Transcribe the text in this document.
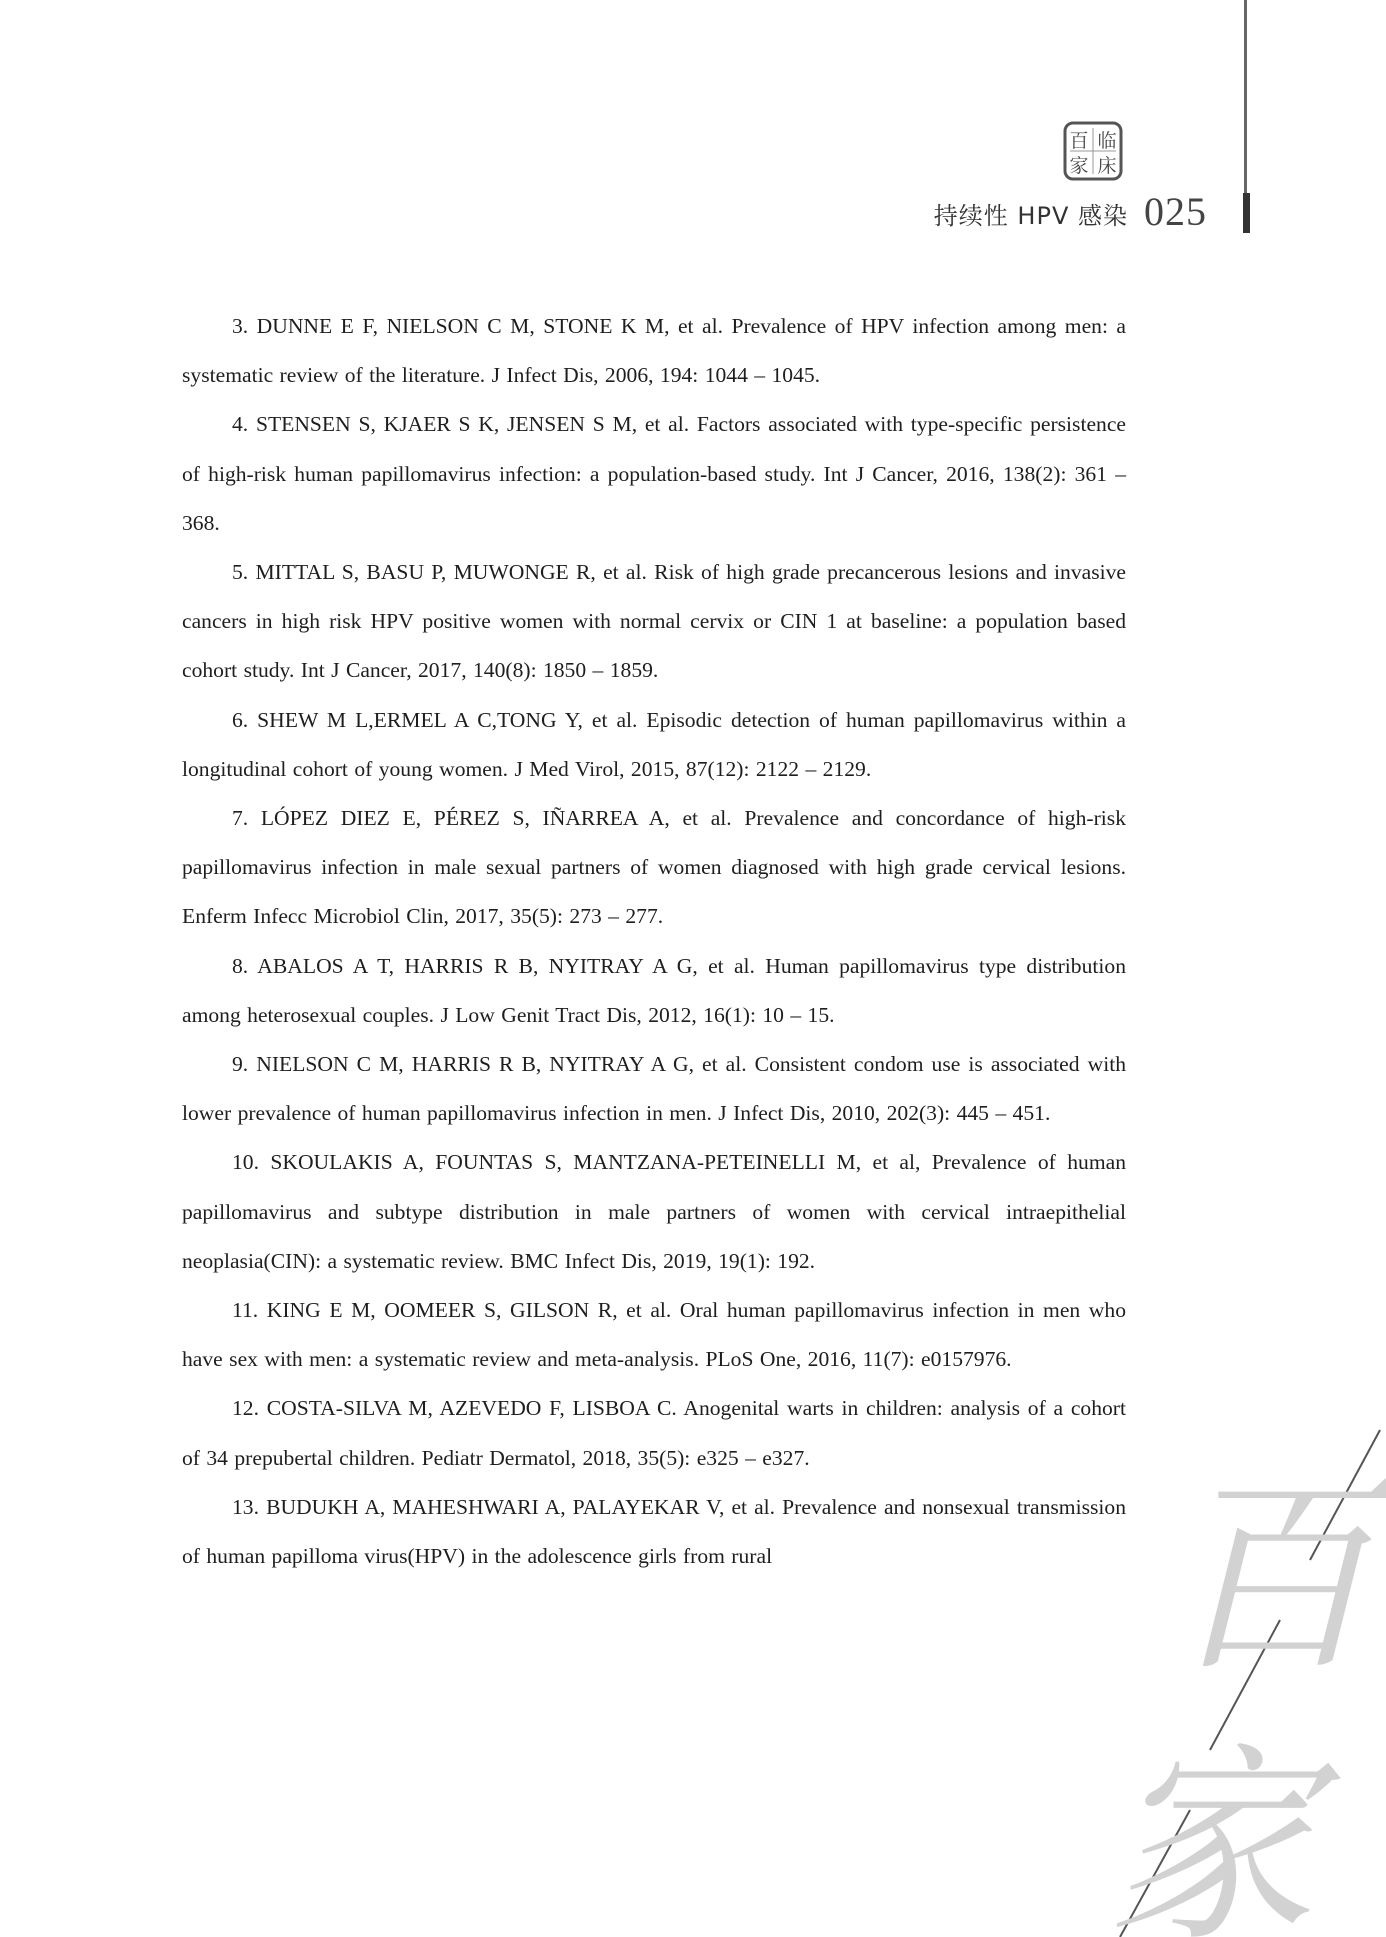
百 临
家 床
持续性 HPV 感染 025

3. DUNNE E F, NIELSON C M, STONE K M, et al. Prevalence of HPV infection among men: a systematic review of the literature. J Infect Dis, 2006, 194: 1044 – 1045.

4. STENSEN S, KJAER S K, JENSEN S M, et al. Factors associated with type-specific persistence of high-risk human papillomavirus infection: a population-based study. Int J Cancer, 2016, 138(2): 361 – 368.

5. MITTAL S, BASU P, MUWONGE R, et al. Risk of high grade precancerous lesions and invasive cancers in high risk HPV positive women with normal cervix or CIN 1 at baseline: a population based cohort study. Int J Cancer, 2017, 140(8): 1850 – 1859.

6. SHEW M L,ERMEL A C,TONG Y, et al. Episodic detection of human papillomavirus within a longitudinal cohort of young women. J Med Virol, 2015, 87(12): 2122 – 2129.

7. LÓPEZ DIEZ E, PÉREZ S, IÑARREA A, et al. Prevalence and concordance of high-risk papillomavirus infection in male sexual partners of women diagnosed with high grade cervical lesions. Enferm Infecc Microbiol Clin, 2017, 35(5): 273 – 277.

8. ABALOS A T, HARRIS R B, NYITRAY A G, et al. Human papillomavirus type distribution among heterosexual couples. J Low Genit Tract Dis, 2012, 16(1): 10 – 15.

9. NIELSON C M, HARRIS R B, NYITRAY A G, et al. Consistent condom use is associated with lower prevalence of human papillomavirus infection in men. J Infect Dis, 2010, 202(3): 445 – 451.

10. SKOULAKIS A, FOUNTAS S, MANTZANA-PETEINELLI M, et al, Prevalence of human papillomavirus and subtype distribution in male partners of women with cervical intraepithelial neoplasia(CIN): a systematic review. BMC Infect Dis, 2019, 19(1): 192.

11. KING E M, OOMEER S, GILSON R, et al. Oral human papillomavirus infection in men who have sex with men: a systematic review and meta-analysis. PLoS One, 2016, 11(7): e0157976.

12. COSTA-SILVA M, AZEVEDO F, LISBOA C. Anogenital warts in children: analysis of a cohort of 34 prepubertal children. Pediatr Dermatol, 2018, 35(5): e325 – e327.

13. BUDUKH A, MAHESHWARI A, PALAYEKAR V, et al. Prevalence and nonsexual transmission of human papilloma virus(HPV) in the adolescence girls from rural	百
家
